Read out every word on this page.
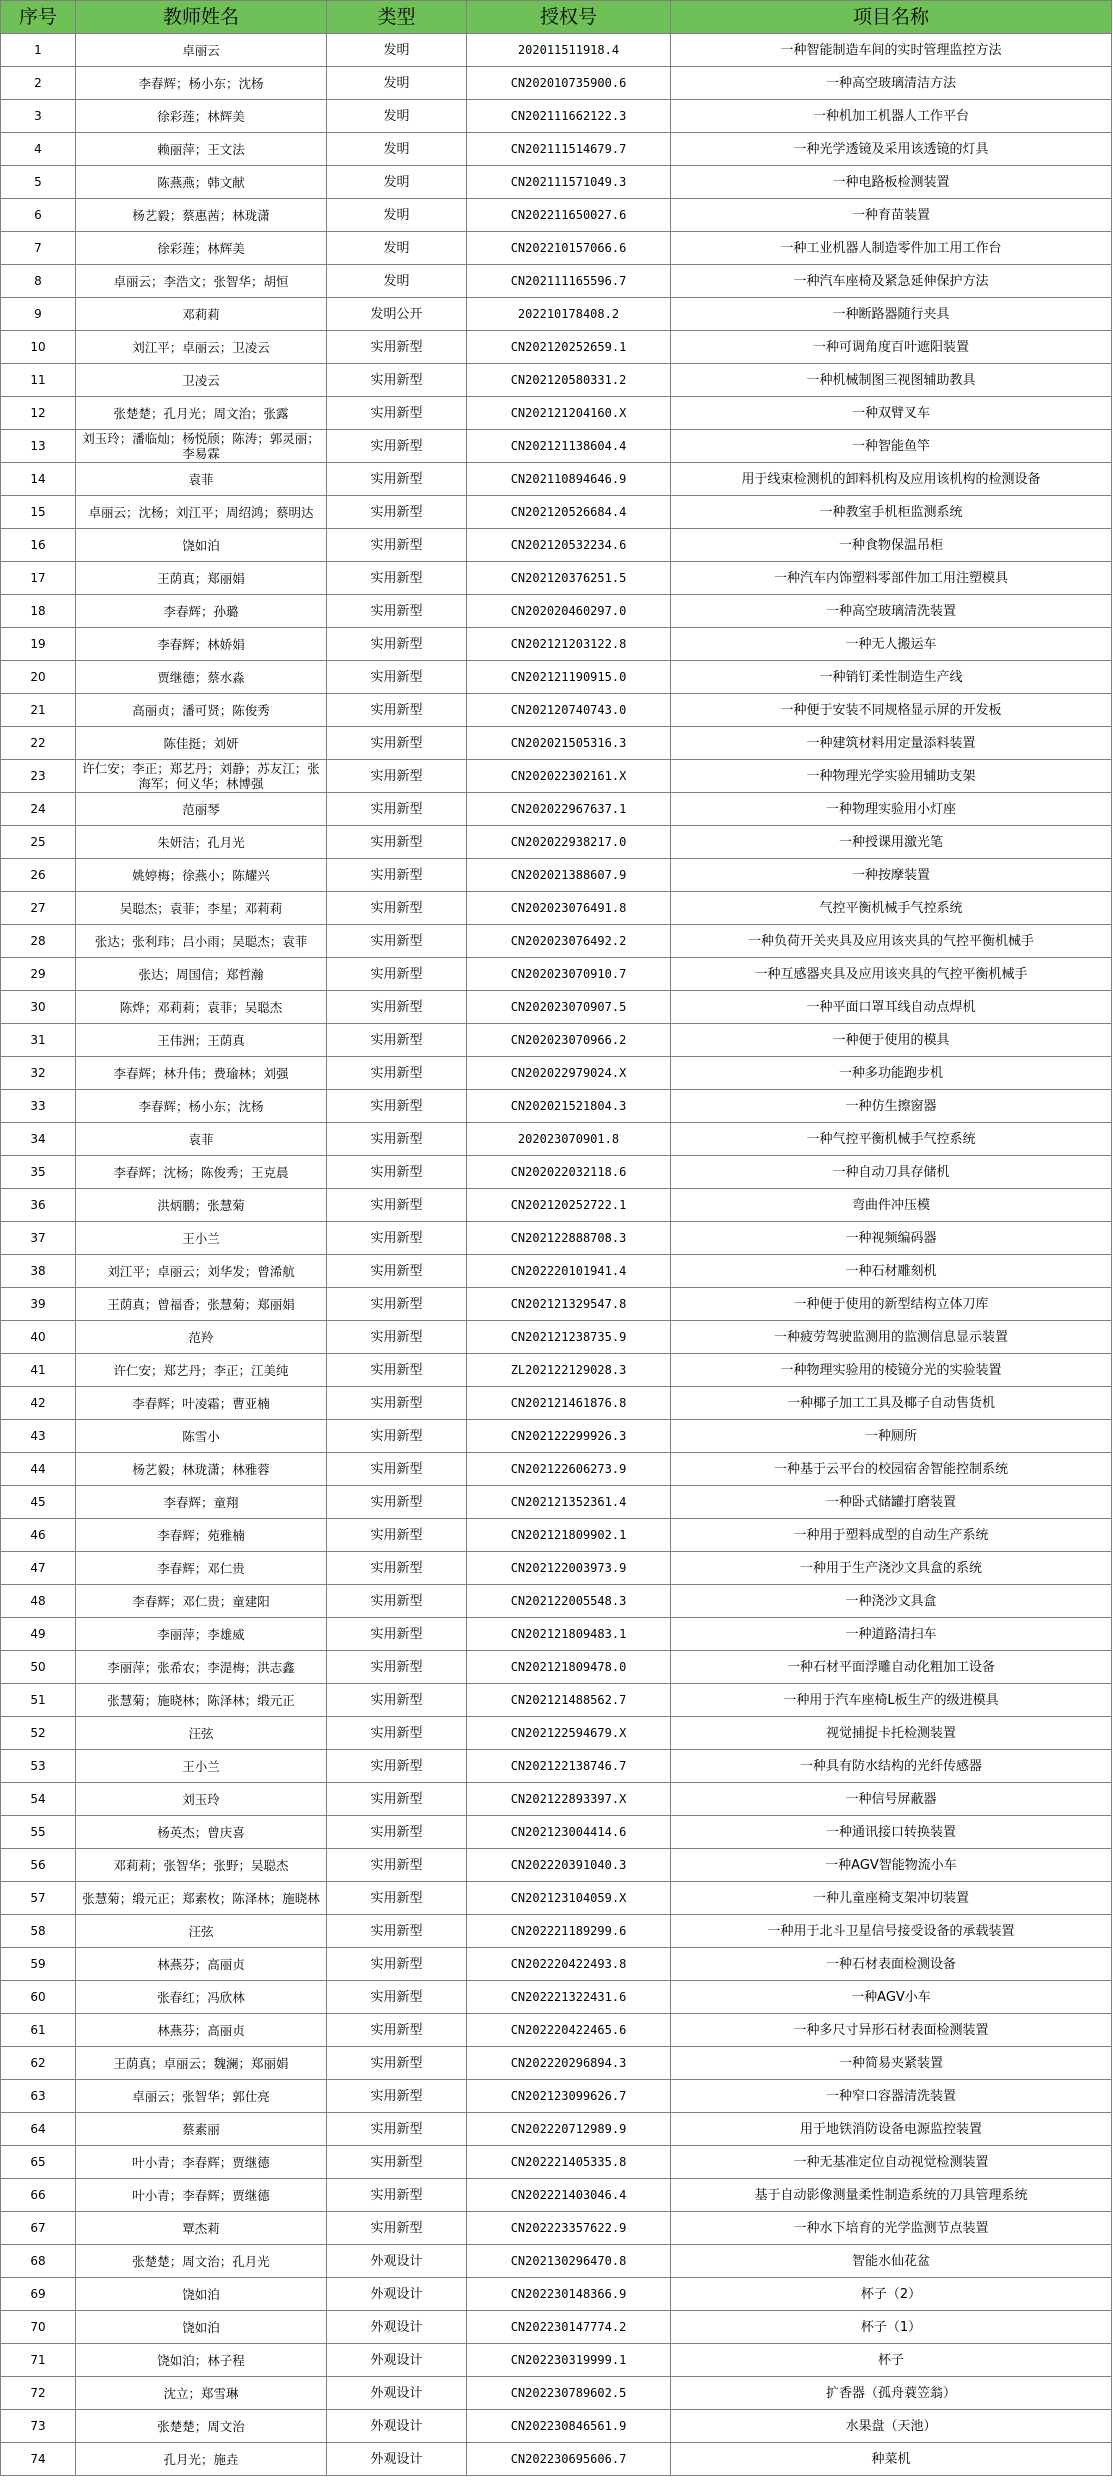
序号	教师姓名	类型	授权号	项目名称
1	卓丽云	发明	202011511918.4	一种智能制造车间的实时管理监控方法
2	李春辉；杨小东；沈杨	发明	CN202010735900.6	一种高空玻璃清洁方法
3	徐彩莲；林辉美	发明	CN202111662122.3	一种机加工机器人工作平台
4	赖丽萍；王文法	发明	CN202111514679.7	一种光学透镜及采用该透镜的灯具
5	陈燕燕；韩文献	发明	CN202111571049.3	一种电路板检测装置
6	杨艺毅；蔡惠茜；林珑潇	发明	CN202211650027.6	一种育苗装置
7	徐彩莲；林辉美	发明	CN202210157066.6	一种工业机器人制造零件加工用工作台
8	卓丽云；李浩文；张智华；胡恒	发明	CN202111165596.7	一种汽车座椅及紧急延伸保护方法
9	邓莉莉	发明公开	202210178408.2	一种断路器随行夹具
10	刘江平；卓丽云；卫凌云	实用新型	CN202120252659.1	一种可调角度百叶遮阳装置
11	卫凌云	实用新型	CN202120580331.2	一种机械制图三视图辅助教具
12	张楚楚；孔月光；周文治；张露	实用新型	CN202121204160.X	一种双臂叉车
13	刘玉玲；潘临灿；杨悦颀；陈涛；郭灵丽；李易霖	实用新型	CN202121138604.4	一种智能鱼竿
14	袁菲	实用新型	CN202110894646.9	用于线束检测机的卸料机构及应用该机构的检测设备
15	卓丽云；沈杨；刘江平；周绍鸿；蔡明达	实用新型	CN202120526684.4	一种教室手机柜监测系统
16	饶如泊	实用新型	CN202120532234.6	一种食物保温吊柜
17	王荫真；郑丽娟	实用新型	CN202120376251.5	一种汽车内饰塑料零部件加工用注塑模具
18	李春辉；孙璐	实用新型	CN202020460297.0	一种高空玻璃清洗装置
19	李春辉；林娇娟	实用新型	CN202121203122.8	一种无人搬运车
20	贾继德；蔡水淼	实用新型	CN202121190915.0	一种销钉柔性制造生产线
21	高丽贞；潘可贤；陈俊秀	实用新型	CN202120740743.0	一种便于安装不同规格显示屏的开发板
22	陈佳挺；刘妍	实用新型	CN202021505316.3	一种建筑材料用定量添料装置
23	许仁安；李正；郑艺丹；刘静；苏友江；张海军；何义华；林博强	实用新型	CN202022302161.X	一种物理光学实验用辅助支架
24	范丽琴	实用新型	CN202022967637.1	一种物理实验用小灯座
25	朱妍洁；孔月光	实用新型	CN202022938217.0	一种授课用激光笔
26	姚婷梅；徐燕小；陈耀兴	实用新型	CN202021388607.9	一种按摩装置
27	吴聪杰；袁菲；李星；邓莉莉	实用新型	CN202023076491.8	气控平衡机械手气控系统
28	张达；张利玮；吕小雨；吴聪杰；袁菲	实用新型	CN202023076492.2	一种负荷开关夹具及应用该夹具的气控平衡机械手
29	张达；周国信；郑哲瀚	实用新型	CN202023070910.7	一种互感器夹具及应用该夹具的气控平衡机械手
30	陈烨；邓莉莉；袁菲；吴聪杰	实用新型	CN202023070907.5	一种平面口罩耳线自动点焊机
31	王伟洲；王荫真	实用新型	CN202023070966.2	一种便于使用的模具
32	李春辉；林升伟；费瑜林；刘强	实用新型	CN202022979024.X	一种多功能跑步机
33	李春辉；杨小东；沈杨	实用新型	CN202021521804.3	一种仿生擦窗器
34	袁菲	实用新型	202023070901.8	一种气控平衡机械手气控系统
35	李春辉；沈杨；陈俊秀；王克晨	实用新型	CN202022032118.6	一种自动刀具存储机
36	洪炳鹏；张慧菊	实用新型	CN202120252722.1	弯曲件冲压模
37	王小兰	实用新型	CN202122888708.3	一种视频编码器
38	刘江平；卓丽云；刘华发；曾浠航	实用新型	CN202220101941.4	一种石材雕刻机
39	王荫真；曾福香；张慧菊；郑丽娟	实用新型	CN202121329547.8	一种便于使用的新型结构立体刀库
40	范羚	实用新型	CN202121238735.9	一种疲劳驾驶监测用的监测信息显示装置
41	许仁安；郑艺丹；李正；江美纯	实用新型	ZL202122129028.3	一种物理实验用的棱镜分光的实验装置
42	李春辉；叶凌霜；曹亚楠	实用新型	CN202121461876.8	一种椰子加工工具及椰子自动售货机
43	陈雪小	实用新型	CN202122299926.3	一种厕所
44	杨艺毅；林珑潇；林雅蓉	实用新型	CN202122606273.9	一种基于云平台的校园宿舍智能控制系统
45	李春辉；童翔	实用新型	CN202121352361.4	一种卧式储罐打磨装置
46	李春辉；苑雅楠	实用新型	CN202121809902.1	一种用于塑料成型的自动生产系统
47	李春辉；邓仁贵	实用新型	CN202122003973.9	一种用于生产浇沙文具盒的系统
48	李春辉；邓仁贵；童建阳	实用新型	CN202122005548.3	一种浇沙文具盒
49	李丽萍；李雄威	实用新型	CN202121809483.1	一种道路清扫车
50	李丽萍；张希农；李湜梅；洪志鑫	实用新型	CN202121809478.0	一种石材平面浮雕自动化粗加工设备
51	张慧菊；施晓林；陈泽林；缎元正	实用新型	CN202121488562.7	一种用于汽车座椅L板生产的级进模具
52	汪弦	实用新型	CN202122594679.X	视觉捕捉卡托检测装置
53	王小兰	实用新型	CN202122138746.7	一种具有防水结构的光纤传感器
54	刘玉玲	实用新型	CN202122893397.X	一种信号屏蔽器
55	杨英杰；曾庆喜	实用新型	CN202123004414.6	一种通讯接口转换装置
56	邓莉莉；张智华；张野；吴聪杰	实用新型	CN202220391040.3	一种AGV智能物流小车
57	张慧菊；缎元正；郑素枚；陈泽林；施晓林	实用新型	CN202123104059.X	一种儿童座椅支架冲切装置
58	汪弦	实用新型	CN202221189299.6	一种用于北斗卫星信号接受设备的承载装置
59	林燕芬；高丽贞	实用新型	CN202220422493.8	一种石材表面检测设备
60	张春红；冯欣林	实用新型	CN202221322431.6	一种AGV小车
61	林燕芬；高丽贞	实用新型	CN202220422465.6	一种多尺寸异形石材表面检测装置
62	王荫真；卓丽云；魏澜；郑丽娟	实用新型	CN202220296894.3	一种简易夹紧装置
63	卓丽云；张智华；郭仕亮	实用新型	CN202123099626.7	一种窄口容器清洗装置
64	蔡素丽	实用新型	CN202220712989.9	用于地铁消防设备电源监控装置
65	叶小青；李春辉；贾继德	实用新型	CN202221405335.8	一种无基准定位自动视觉检测装置
66	叶小青；李春辉；贾继德	实用新型	CN202221403046.4	基于自动影像测量柔性制造系统的刀具管理系统
67	覃杰莉	实用新型	CN202223357622.9	一种水下培育的光学监测节点装置
68	张楚楚；周文治；孔月光	外观设计	CN202130296470.8	智能水仙花盆
69	饶如泊	外观设计	CN202230148366.9	杯子（2）
70	饶如泊	外观设计	CN202230147774.2	杯子（1）
71	饶如泊；林子程	外观设计	CN202230319999.1	杯子
72	沈立；郑雪琳	外观设计	CN202230789602.5	扩香器（孤舟蓑笠翁）
73	张楚楚；周文治	外观设计	CN202230846561.9	水果盘（天池）
74	孔月光；施垚	外观设计	CN202230695606.7	种菜机
